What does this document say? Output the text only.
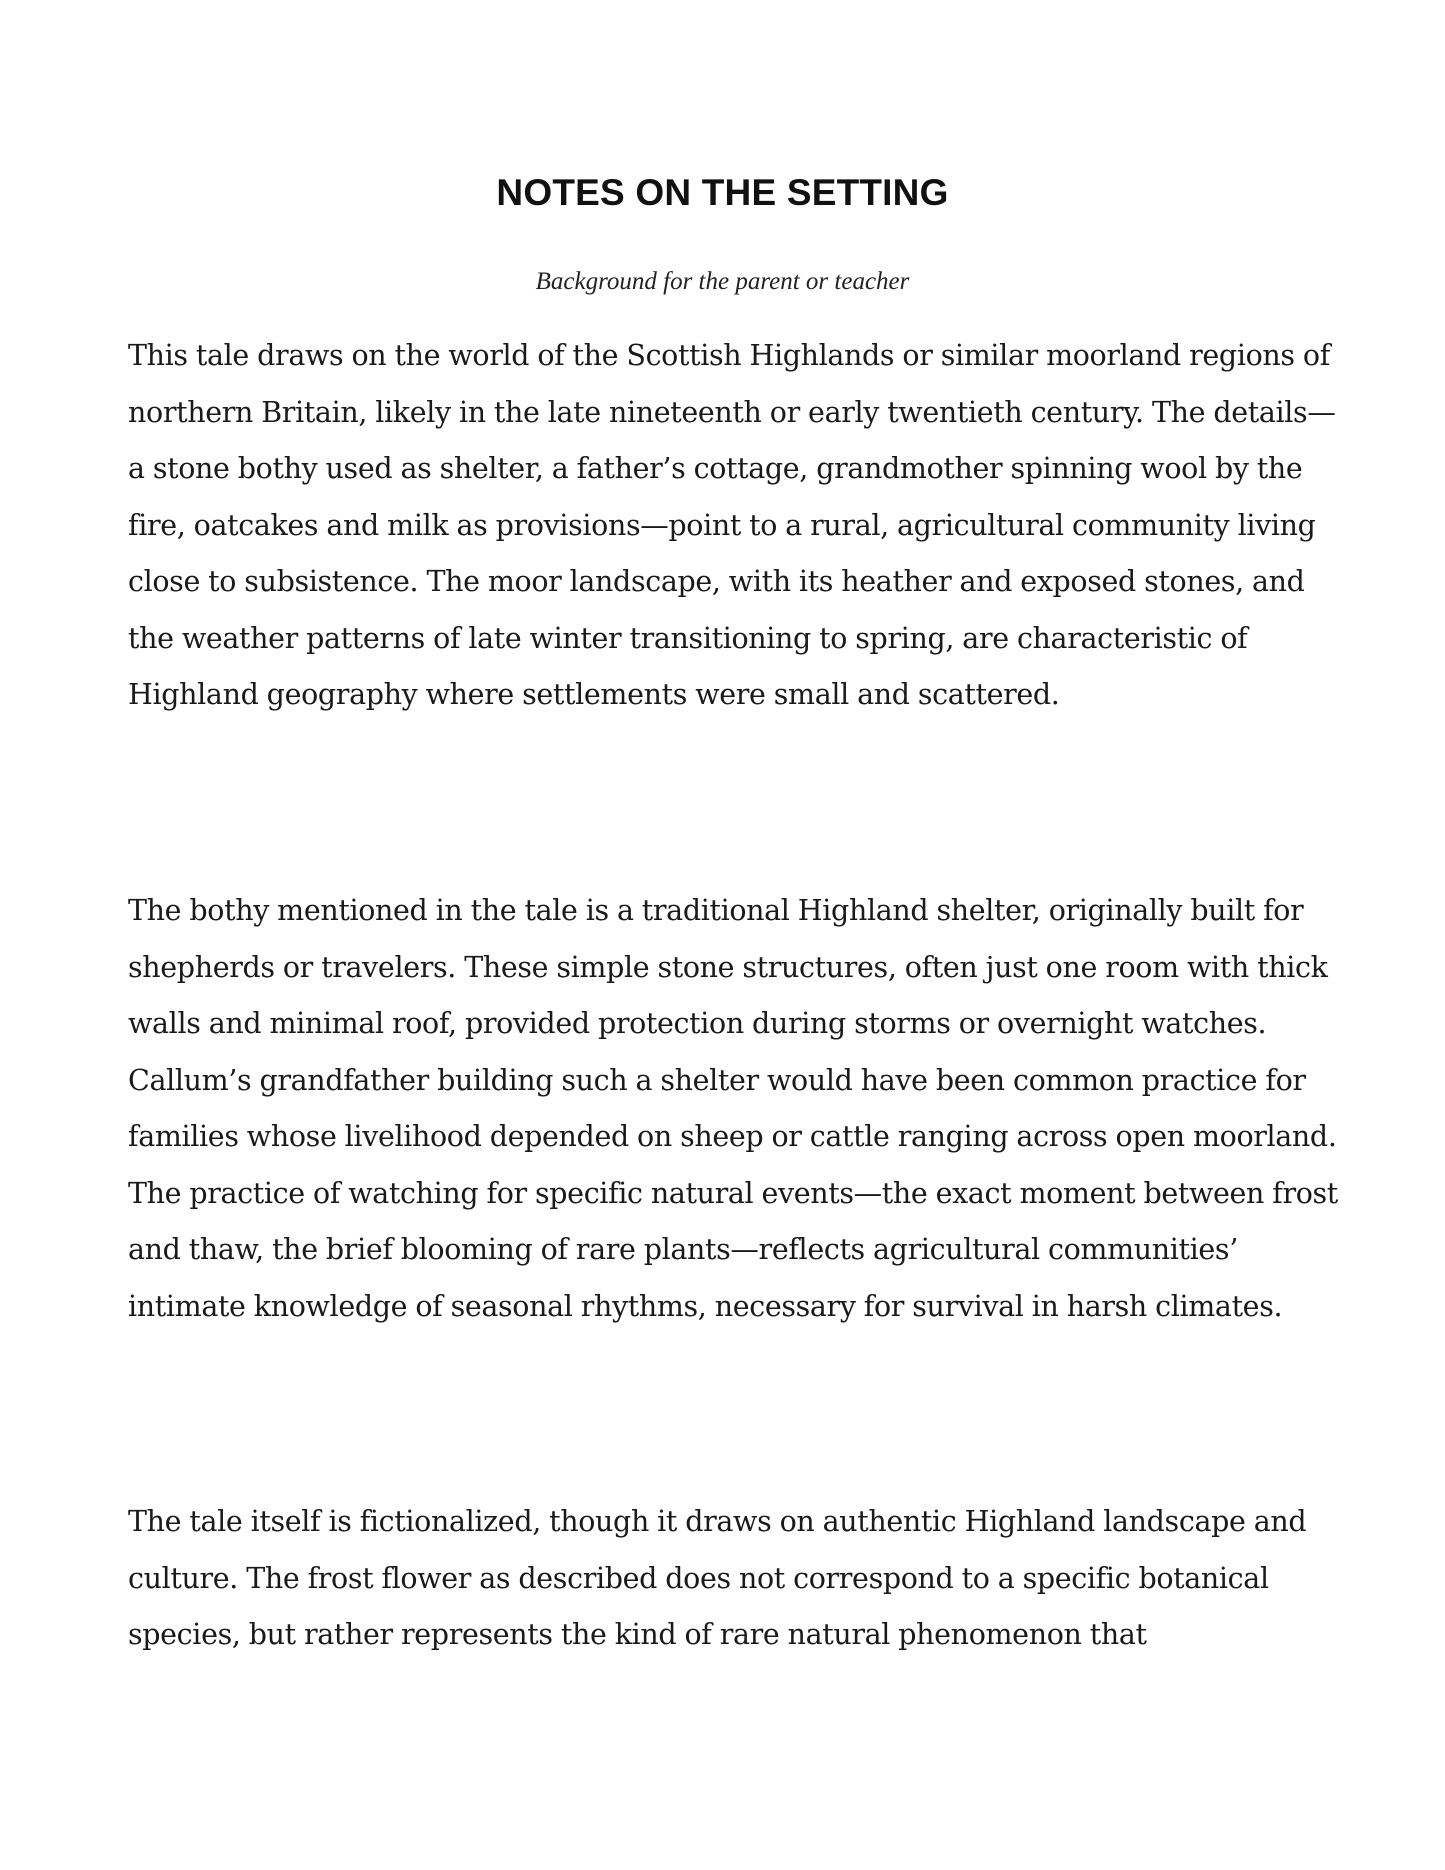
NOTES ON THE SETTING

Background for the parent or teacher

This tale draws on the world of the Scottish Highlands or similar moorland regions of northern Britain, likely in the late nineteenth or early twentieth century. The details—a stone bothy used as shelter, a father’s cottage, grandmother spinning wool by the fire, oatcakes and milk as provisions—point to a rural, agricultural community living close to subsistence. The moor landscape, with its heather and exposed stones, and the weather patterns of late winter transitioning to spring, are characteristic of Highland geography where settlements were small and scattered.

The bothy mentioned in the tale is a traditional Highland shelter, originally built for shepherds or travelers. These simple stone structures, often just one room with thick walls and minimal roof, provided protection during storms or overnight watches. Callum’s grandfather building such a shelter would have been common practice for families whose livelihood depended on sheep or cattle ranging across open moorland. The practice of watching for specific natural events—the exact moment between frost and thaw, the brief blooming of rare plants—reflects agricultural communities’ intimate knowledge of seasonal rhythms, necessary for survival in harsh climates.

The tale itself is fictionalized, though it draws on authentic Highland landscape and culture. The frost flower as described does not correspond to a specific botanical species, but rather represents the kind of rare natural phenomenon that
